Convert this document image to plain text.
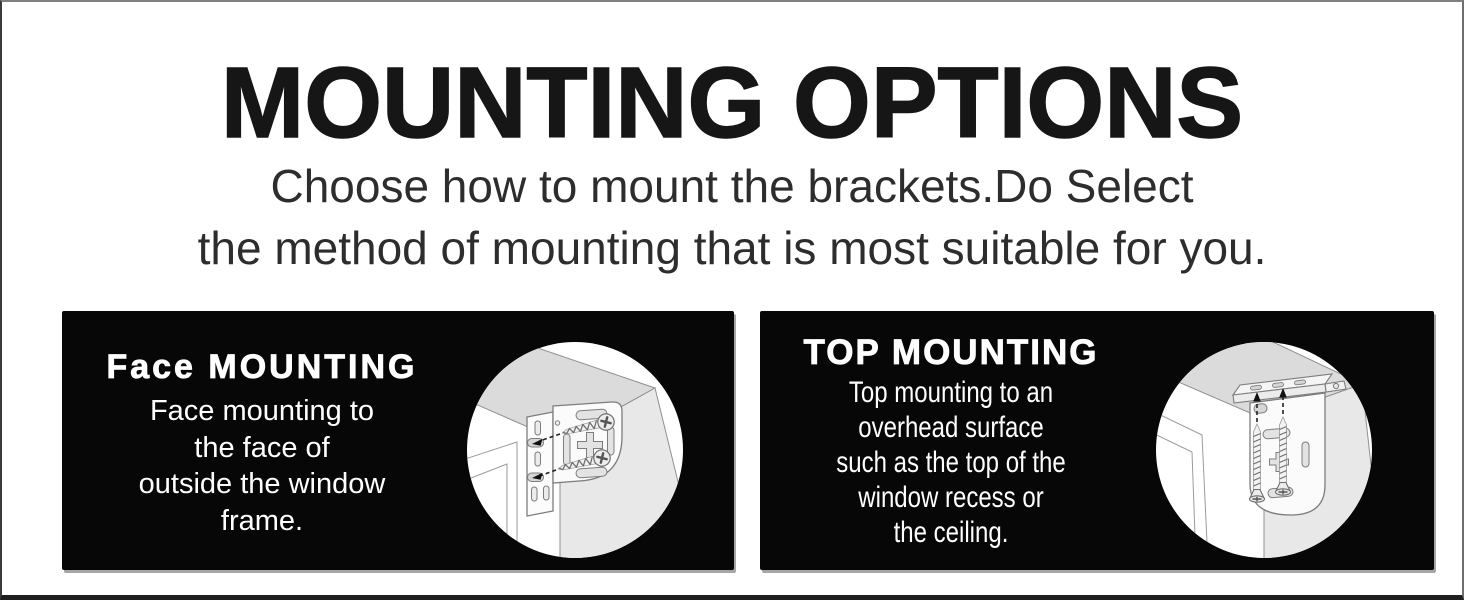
MOUNTING OPTIONS
Choose how to mount the brackets.Do Select
the method of mounting that is most suitable for you.
Face MOUNTING
Face mounting to
the face of
outside the window
frame.
TOP MOUNTING
Top mounting to an
overhead surface
such as the top of the
window recess or
the ceiling.
